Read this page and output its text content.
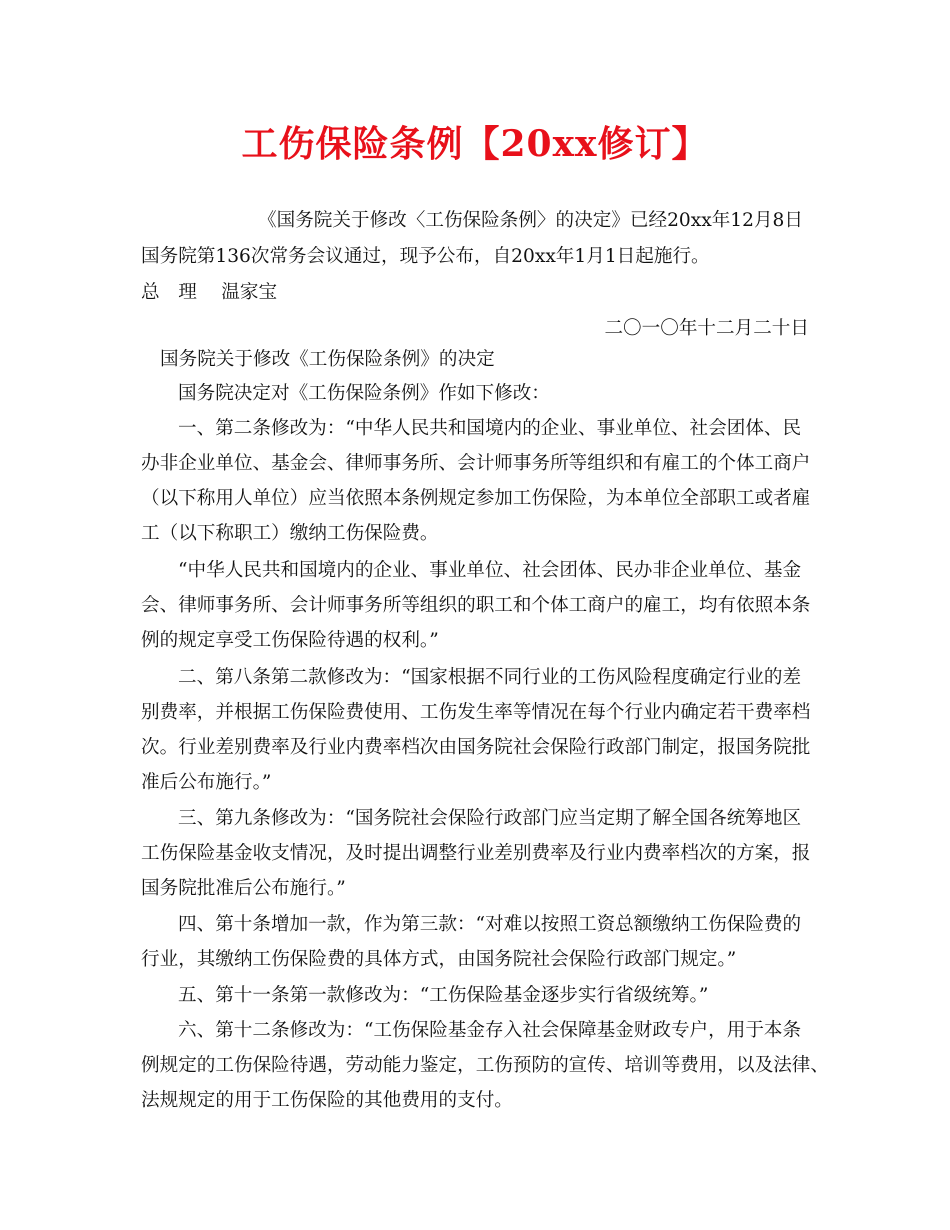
工伤保险条例【20xx修订】
《国务院关于修改〈工伤保险条例〉的决定》已经20xx年12月8日
国务院第136次常务会议通过，现予公布，自20xx年1月1日起施行。
总　理　 温家宝
二〇一〇年十二月二十日
国务院关于修改《工伤保险条例》的决定
国务院决定对《工伤保险条例》作如下修改：
一、第二条修改为：“中华人民共和国境内的企业、事业单位、社会团体、民
办非企业单位、基金会、律师事务所、会计师事务所等组织和有雇工的个体工商户
（以下称用人单位）应当依照本条例规定参加工伤保险，为本单位全部职工或者雇
工（以下称职工）缴纳工伤保险费。
“中华人民共和国境内的企业、事业单位、社会团体、民办非企业单位、基金
会、律师事务所、会计师事务所等组织的职工和个体工商户的雇工，均有依照本条
例的规定享受工伤保险待遇的权利。”
二、第八条第二款修改为：“国家根据不同行业的工伤风险程度确定行业的差
别费率，并根据工伤保险费使用、工伤发生率等情况在每个行业内确定若干费率档
次。行业差别费率及行业内费率档次由国务院社会保险行政部门制定，报国务院批
准后公布施行。”
三、第九条修改为：“国务院社会保险行政部门应当定期了解全国各统筹地区
工伤保险基金收支情况，及时提出调整行业差别费率及行业内费率档次的方案，报
国务院批准后公布施行。”
四、第十条增加一款，作为第三款：“对难以按照工资总额缴纳工伤保险费的
行业，其缴纳工伤保险费的具体方式，由国务院社会保险行政部门规定。”
五、第十一条第一款修改为：“工伤保险基金逐步实行省级统筹。”
六、第十二条修改为：“工伤保险基金存入社会保障基金财政专户，用于本条
例规定的工伤保险待遇，劳动能力鉴定，工伤预防的宣传、培训等费用，以及法律、
法规规定的用于工伤保险的其他费用的支付。
